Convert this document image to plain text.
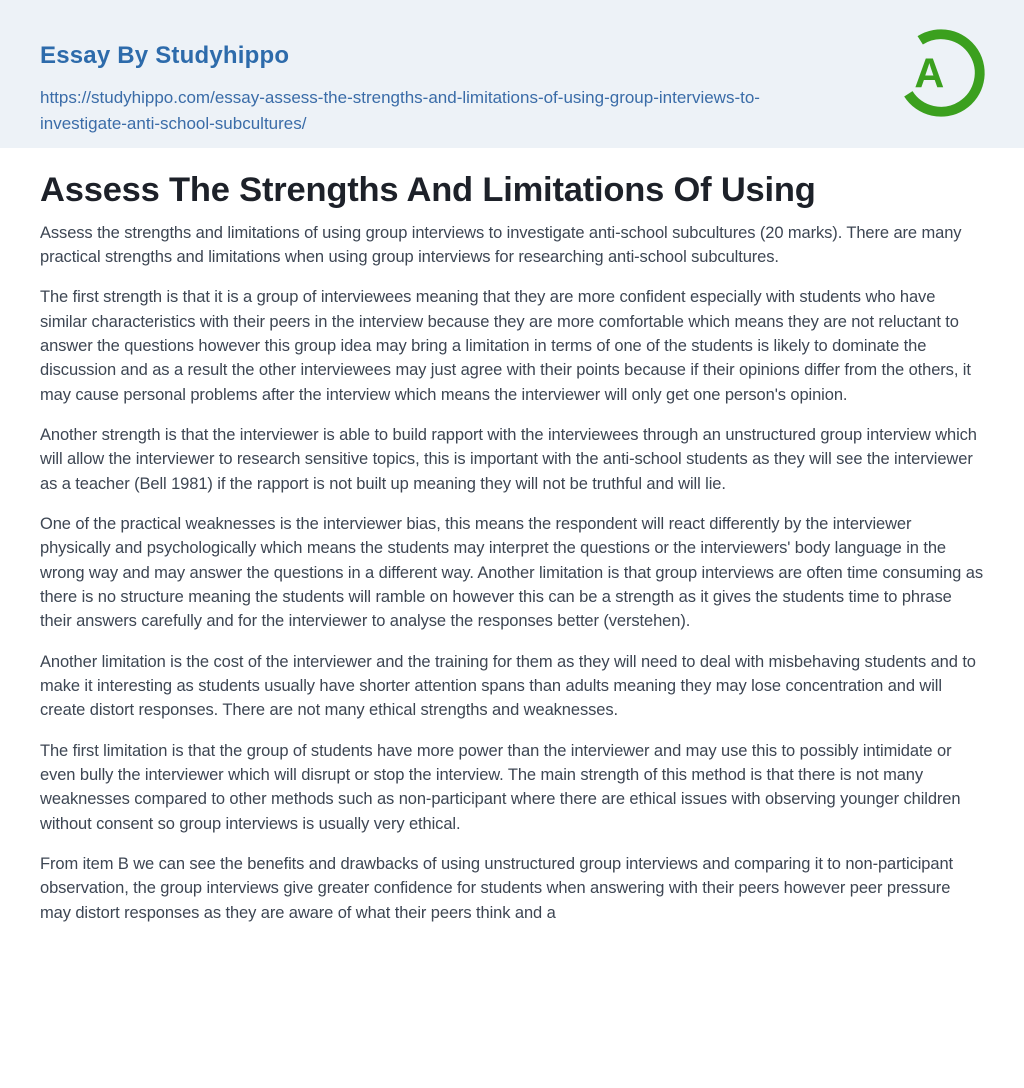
Essay By Studyhippo
https://studyhippo.com/essay-assess-the-strengths-and-limitations-of-using-group-interviews-to-investigate-anti-school-subcultures/
A
Assess The Strengths And Limitations Of Using

Assess the strengths and limitations of using group interviews to investigate anti-school subcultures (20 marks). There are many practical strengths and limitations when using group interviews for researching anti-school subcultures.

The first strength is that it is a group of interviewees meaning that they are more confident especially with students who have similar characteristics with their peers in the interview because they are more comfortable which means they are not reluctant to answer the questions however this group idea may bring a limitation in terms of one of the students is likely to dominate the discussion and as a result the other interviewees may just agree with their points because if their opinions differ from the others, it may cause personal problems after the interview which means the interviewer will only get one person's opinion.

Another strength is that the interviewer is able to build rapport with the interviewees through an unstructured group interview which will allow the interviewer to research sensitive topics, this is important with the anti-school students as they will see the interviewer as a teacher (Bell 1981) if the rapport is not built up meaning they will not be truthful and will lie.

One of the practical weaknesses is the interviewer bias, this means the respondent will react differently by the interviewer physically and psychologically which means the students may interpret the questions or the interviewers' body language in the wrong way and may answer the questions in a different way. Another limitation is that group interviews are often time consuming as there is no structure meaning the students will ramble on however this can be a strength as it gives the students time to phrase their answers carefully and for the interviewer to analyse the responses better (verstehen).

Another limitation is the cost of the interviewer and the training for them as they will need to deal with misbehaving students and to make it interesting as students usually have shorter attention spans than adults meaning they may lose concentration and will create distort responses. There are not many ethical strengths and weaknesses.

The first limitation is that the group of students have more power than the interviewer and may use this to possibly intimidate or even bully the interviewer which will disrupt or stop the interview. The main strength of this method is that there is not many weaknesses compared to other methods such as non-participant where there are ethical issues with observing younger children without consent so group interviews is usually very ethical.

From item B we can see the benefits and drawbacks of using unstructured group interviews and comparing it to non-participant observation, the group interviews give greater confidence for students when answering with their peers however peer pressure may distort responses as they are aware of what their peers think and a
